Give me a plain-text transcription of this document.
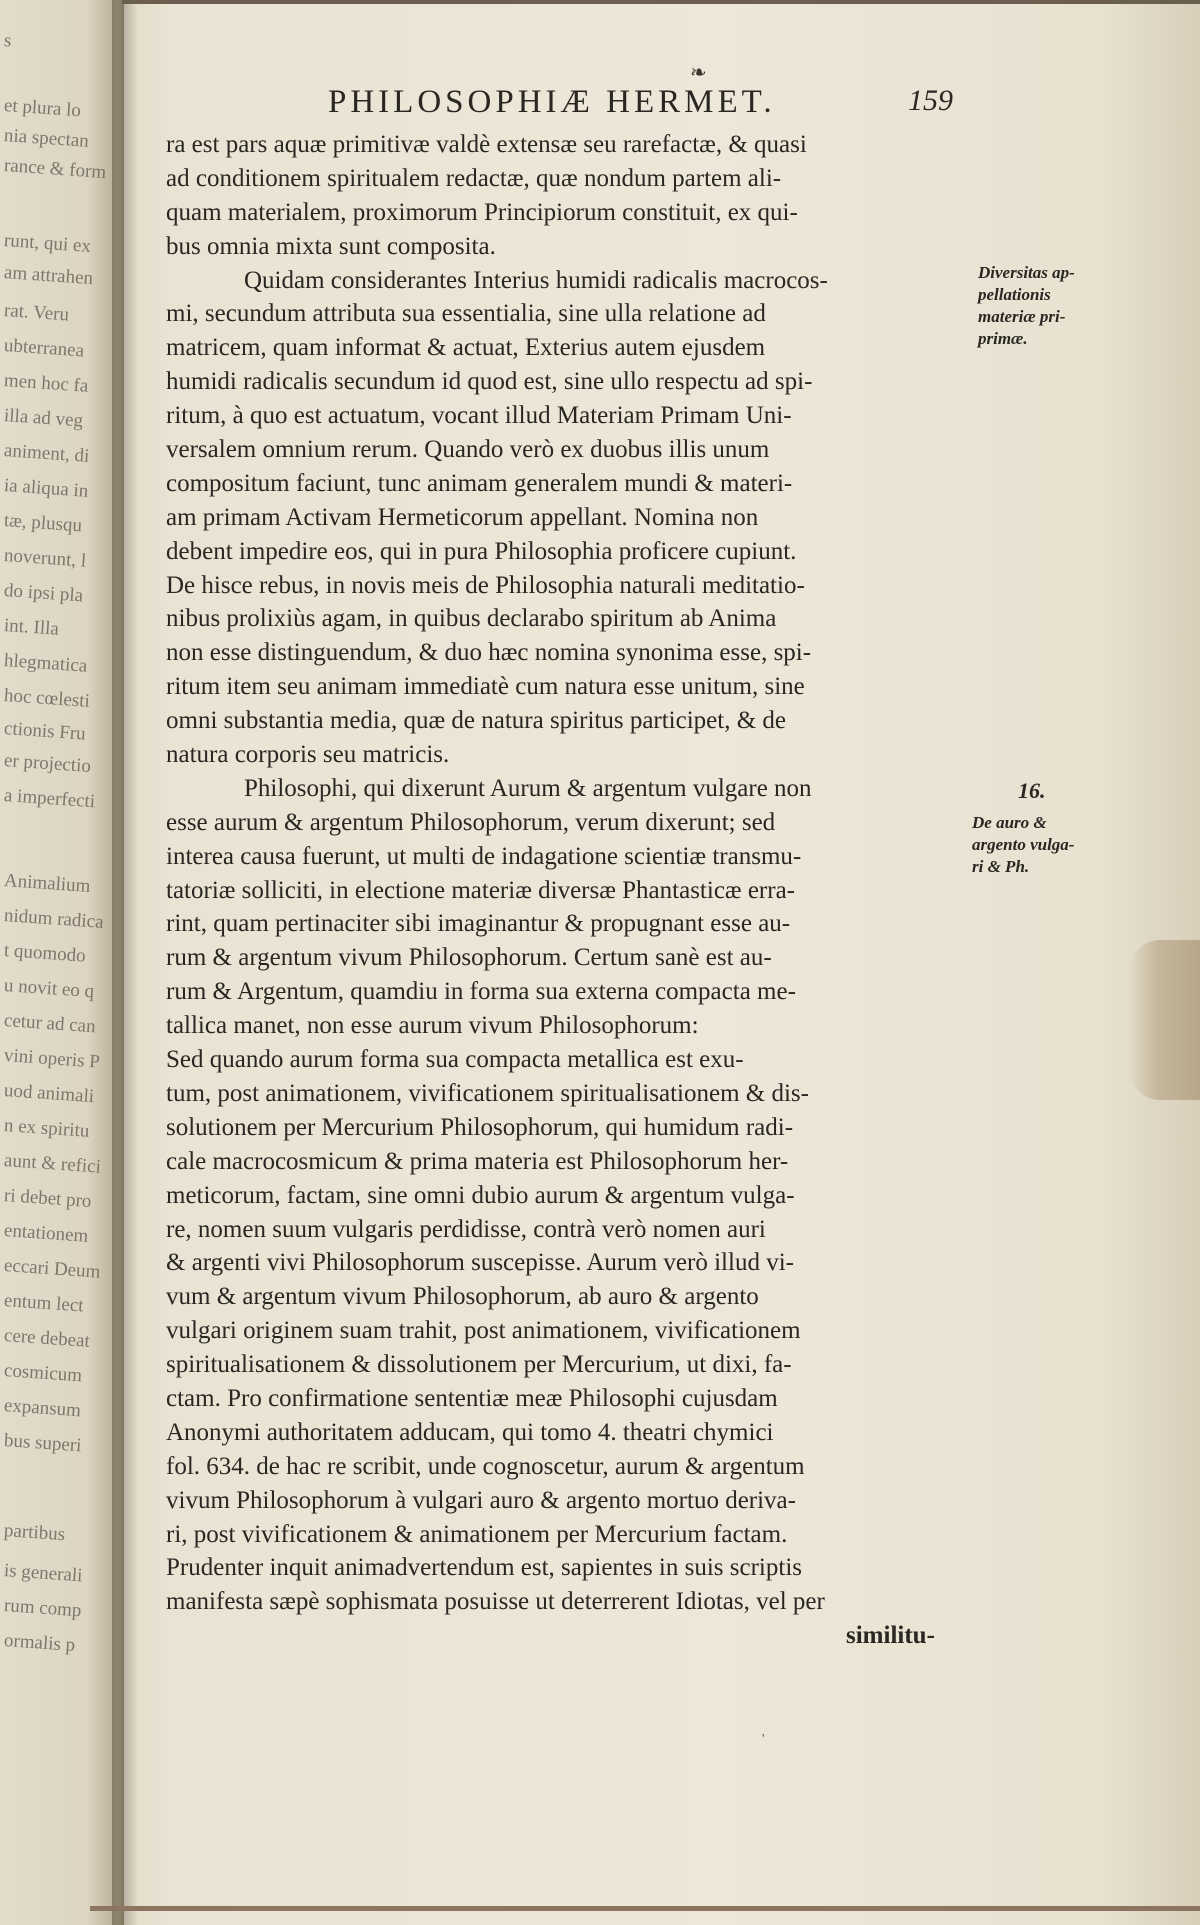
s
et plura lo
nia spectan
rance & form
runt, qui ex
am attrahen
rat. Veru
ubterranea
men hoc fa
illa ad veg
animent, di
ia aliqua in
tæ, plusqu
noverunt, l
do ipsi pla
int. Illa
hlegmatica
hoc cœlesti
ctionis Fru
er projectio
a imperfecti
Animalium
nidum radica
t quomodo
u novit eo q
cetur ad can
vini operis P
uod animali
n ex spiritu
aunt & refici
ri debet pro
entationem
eccari Deum
entum lect
cere debeat
cosmicum
expansum
bus superi
partibus
is generali
rum comp
ormalis p
❧
PHILOSOPHIÆ HERMET.	159
ra est pars aquæ primitivæ valdè extensæ seu rarefactæ, & quasi
ad conditionem spiritualem redactæ, quæ nondum partem ali-
quam materialem, proximorum Principiorum constituit, ex qui-
bus omnia mixta sunt composita.
Quidam considerantes Interius humidi radicalis macrocos-
mi, secundum attributa sua essentialia, sine ulla relatione ad
matricem, quam informat & actuat, Exterius autem ejusdem
humidi radicalis secundum id quod est, sine ullo respectu ad spi-
ritum, à quo est actuatum, vocant illud Materiam Primam Uni-
versalem omnium rerum. Quando verò ex duobus illis unum
compositum faciunt, tunc animam generalem mundi & materi-
am primam Activam Hermeticorum appellant. Nomina non
debent impedire eos, qui in pura Philosophia proficere cupiunt.
De hisce rebus, in novis meis de Philosophia naturali meditatio-
nibus prolixiùs agam, in quibus declarabo spiritum ab Anima
non esse distinguendum, & duo hæc nomina synonima esse, spi-
ritum item seu animam immediatè cum natura esse unitum, sine
omni substantia media, quæ de natura spiritus participet, & de
natura corporis seu matricis.
Philosophi, qui dixerunt Aurum & argentum vulgare non
esse aurum & argentum Philosophorum, verum dixerunt; sed
interea causa fuerunt, ut multi de indagatione scientiæ transmu-
tatoriæ solliciti, in electione materiæ diversæ Phantasticæ erra-
rint, quam pertinaciter sibi imaginantur & propugnant esse au-
rum & argentum vivum Philosophorum. Certum sanè est au-
rum & Argentum, quamdiu in forma sua externa compacta me-
tallica manet, non esse aurum vivum Philosophorum:
Sed quando aurum forma sua compacta metallica est exu-
tum, post animationem, vivificationem spiritualisationem & dis-
solutionem per Mercurium Philosophorum, qui humidum radi-
cale macrocosmicum & prima materia est Philosophorum her-
meticorum, factam, sine omni dubio aurum & argentum vulga-
re, nomen suum vulgaris perdidisse, contrà verò nomen auri
& argenti vivi Philosophorum suscepisse. Aurum verò illud vi-
vum & argentum vivum Philosophorum, ab auro & argento
vulgari originem suam trahit, post animationem, vivificationem
spiritualisationem & dissolutionem per Mercurium, ut dixi, fa-
ctam. Pro confirmatione sententiæ meæ Philosophi cujusdam
Anonymi authoritatem adducam, qui tomo 4. theatri chymici
fol. 634. de hac re scribit, unde cognoscetur, aurum & argentum
vivum Philosophorum à vulgari auro & argento mortuo deriva-
ri, post vivificationem & animationem per Mercurium factam.
Prudenter inquit animadvertendum est, sapientes in suis scriptis
manifesta sæpè sophismata posuisse ut deterrerent Idiotas, vel per
similitu-
Diversitas ap-
pellationis
materiæ pri-
primæ.
16.
De auro &
argento vulga-
ri & Ph.
'
